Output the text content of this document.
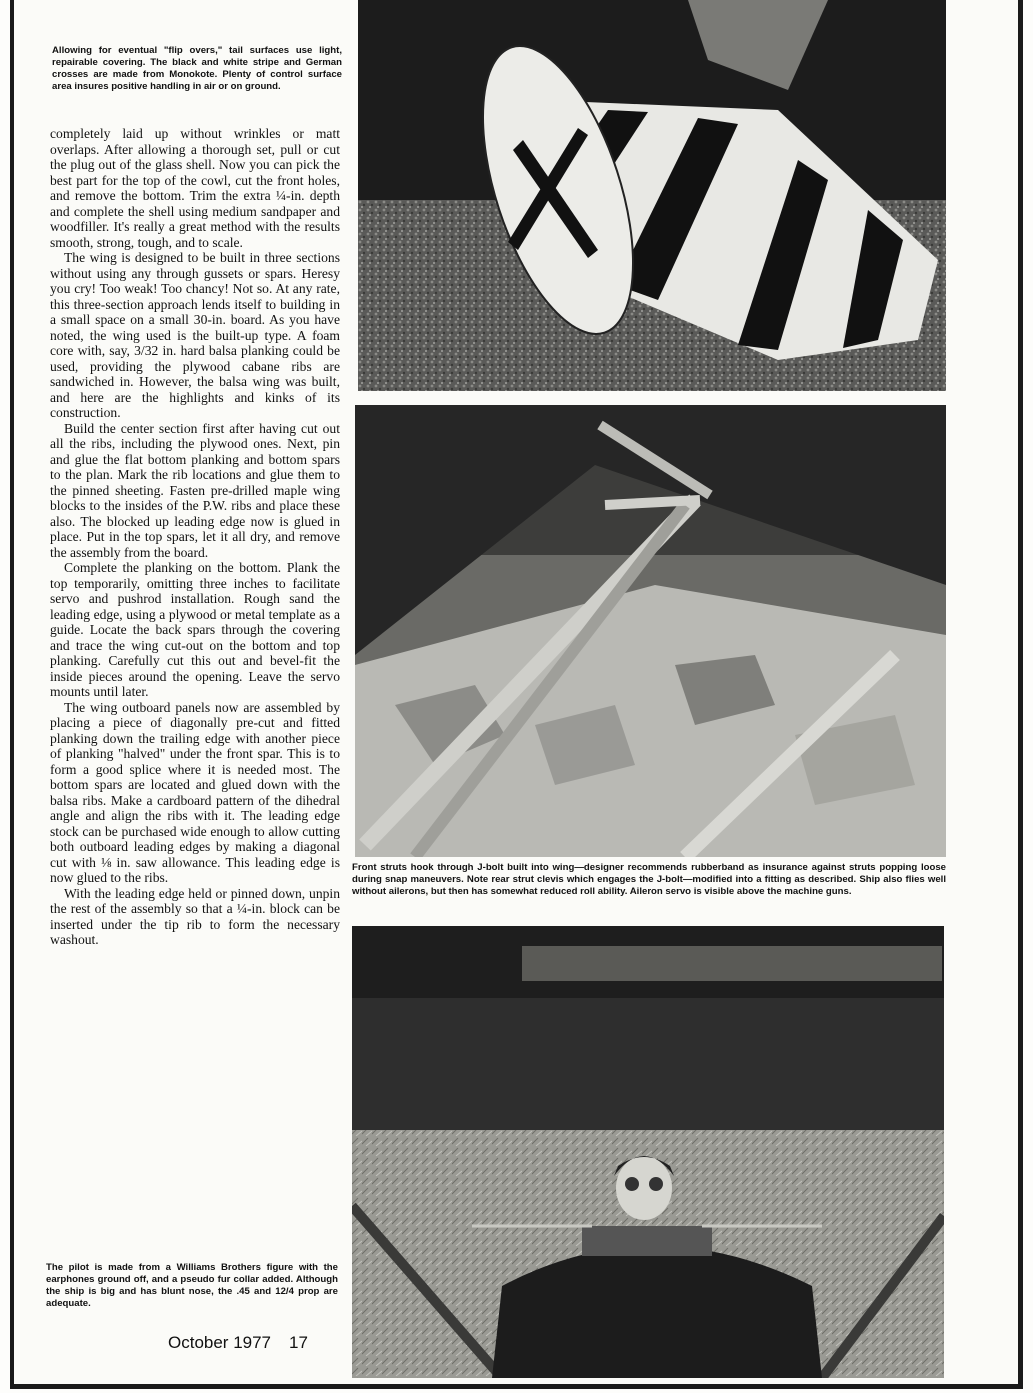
Allowing for eventual "flip overs," tail surfaces use light, repairable covering. The black and white stripe and German crosses are made from Monokote. Plenty of control surface area insures positive handling in air or on ground.

completely laid up without wrinkles or matt overlaps. After allowing a thorough set, pull or cut the plug out of the glass shell. Now you can pick the best part for the top of the cowl, cut the front holes, and remove the bottom. Trim the extra ¼-in. depth and complete the shell using medium sandpaper and woodfiller. It's really a great method with the results smooth, strong, tough, and to scale.

The wing is designed to be built in three sections without using any through gussets or spars. Heresy you cry! Too weak! Too chancy! Not so. At any rate, this three-section approach lends itself to building in a small space on a small 30-in. board. As you have noted, the wing used is the built-up type. A foam core with, say, 3/32 in. hard balsa planking could be used, providing the plywood cabane ribs are sandwiched in. However, the balsa wing was built, and here are the highlights and kinks of its construction.

Build the center section first after having cut out all the ribs, including the plywood ones. Next, pin and glue the flat bottom planking and bottom spars to the plan. Mark the rib locations and glue them to the pinned sheeting. Fasten pre-drilled maple wing blocks to the insides of the P.W. ribs and place these also. The blocked up leading edge now is glued in place. Put in the top spars, let it all dry, and remove the assembly from the board.

Complete the planking on the bottom. Plank the top temporarily, omitting three inches to facilitate servo and pushrod installation. Rough sand the leading edge, using a plywood or metal template as a guide. Locate the back spars through the covering and trace the wing cut-out on the bottom and top planking. Carefully cut this out and bevel-fit the inside pieces around the opening. Leave the servo mounts until later.

The wing outboard panels now are assembled by placing a piece of diagonally pre-cut and fitted planking down the trailing edge with another piece of planking "halved" under the front spar. This is to form a good splice where it is needed most. The bottom spars are located and glued down with the balsa ribs. Make a cardboard pattern of the dihedral angle and align the ribs with it. The leading edge stock can be purchased wide enough to allow cutting both outboard leading edges by making a diagonal cut with ⅛ in. saw allowance. This leading edge is now glued to the ribs.

With the leading edge held or pinned down, unpin the rest of the assembly so that a ¼-in. block can be inserted under the tip rib to form the necessary washout.

The pilot is made from a Williams Brothers figure with the earphones ground off, and a pseudo fur collar added. Although the ship is big and has blunt nose, the .45 and 12/4 prop are adequate.
October 1977 17
Front struts hook through J-bolt built into wing—designer recommends rubberband as insurance against struts popping loose during snap maneuvers. Note rear strut clevis which engages the J-bolt—modified into a fitting as described. Ship also flies well without ailerons, but then has somewhat reduced roll ability. Aileron servo is visible above the machine guns.
